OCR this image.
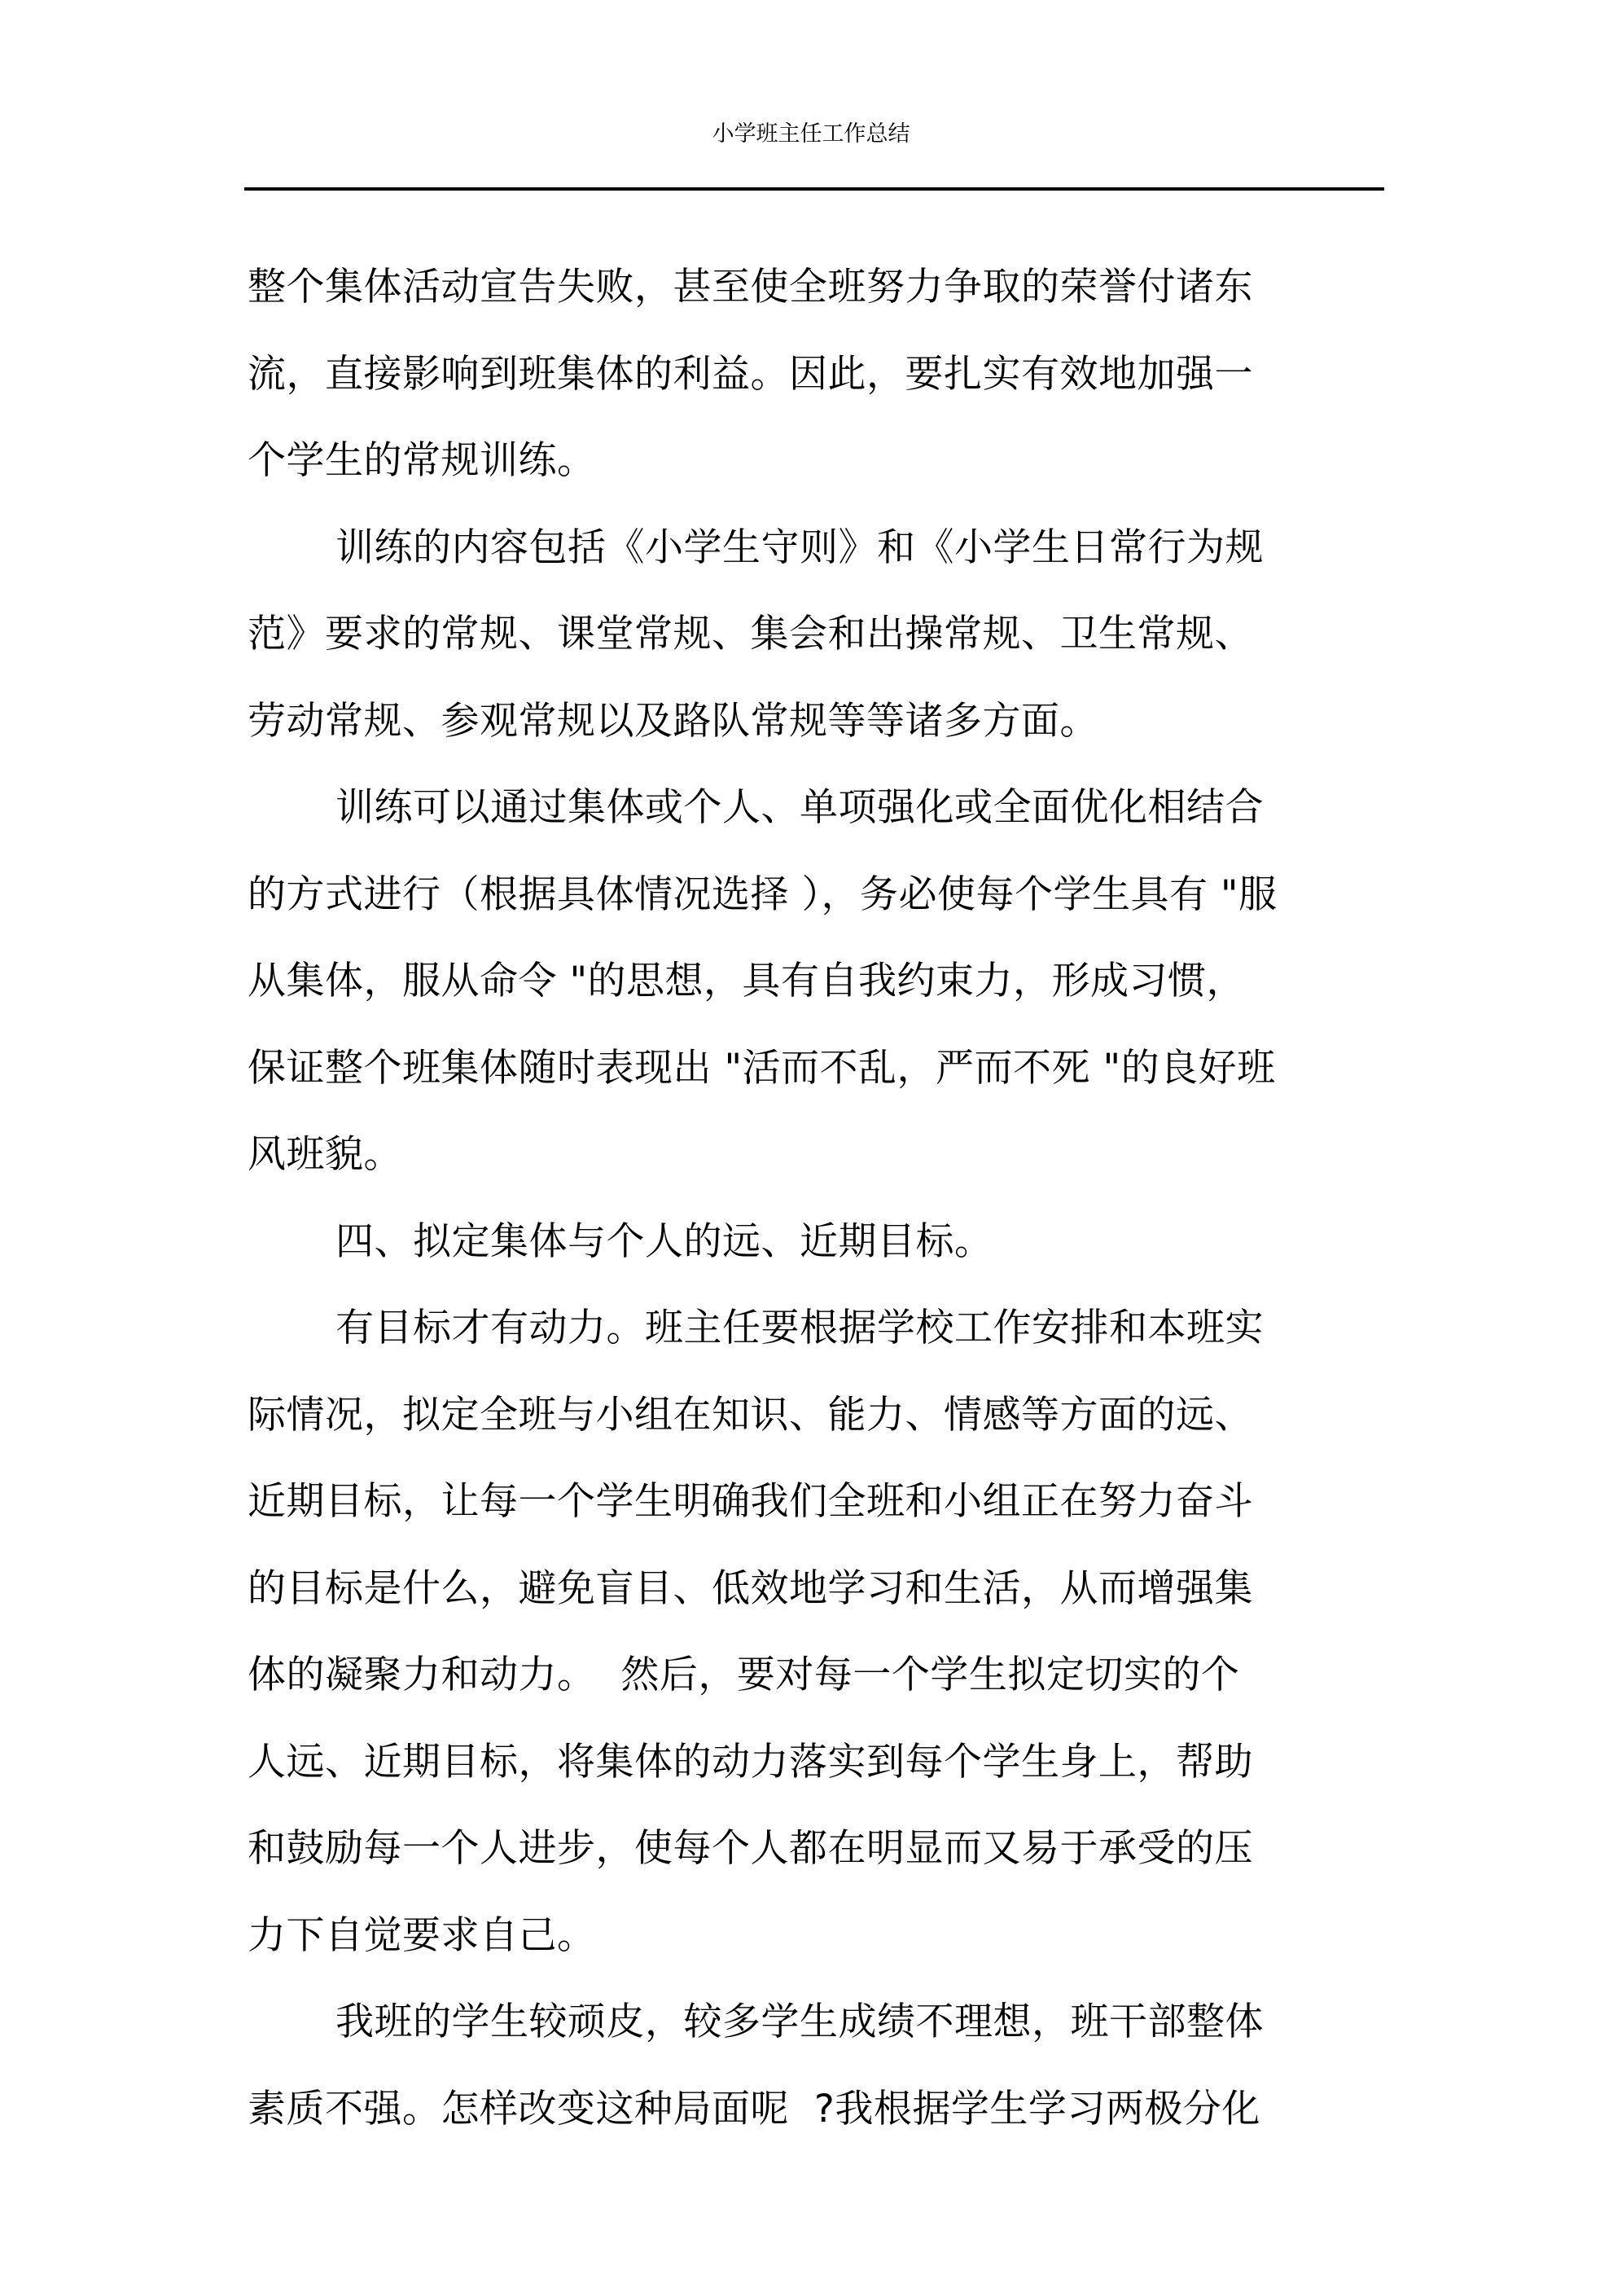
小学班主任工作总结
整个集体活动宣告失败，甚至使全班努力争取的荣誉付诸东
流，直接影响到班集体的利益。因此，要扎实有效地加强一
个学生的常规训练。
训练的内容包括《小学生守则》和《小学生日常行为规
范》要求的常规、课堂常规、集会和出操常规、卫生常规、
劳动常规、参观常规以及路队常规等等诸多方面。
训练可以通过集体或个人、单项强化或全面优化相结合
的方式进行（根据具体情况选择 ），务必使每个学生具有 "服
从集体，服从命令 "的思想，具有自我约束力，形成习惯，
保证整个班集体随时表现出 "活而不乱，严而不死 "的良好班
风班貌。
四、拟定集体与个人的远、近期目标。
有目标才有动力。班主任要根据学校工作安排和本班实
际情况，拟定全班与小组在知识、能力、情感等方面的远、
近期目标，让每一个学生明确我们全班和小组正在努力奋斗
的目标是什么，避免盲目、低效地学习和生活，从而增强集
体的凝聚力和动力。  然后，要对每一个学生拟定切实的个
人远、近期目标，将集体的动力落实到每个学生身上，帮助
和鼓励每一个人进步，使每个人都在明显而又易于承受的压
力下自觉要求自己。
我班的学生较顽皮，较多学生成绩不理想，班干部整体
素质不强。怎样改变这种局面呢  ?我根据学生学习两极分化
